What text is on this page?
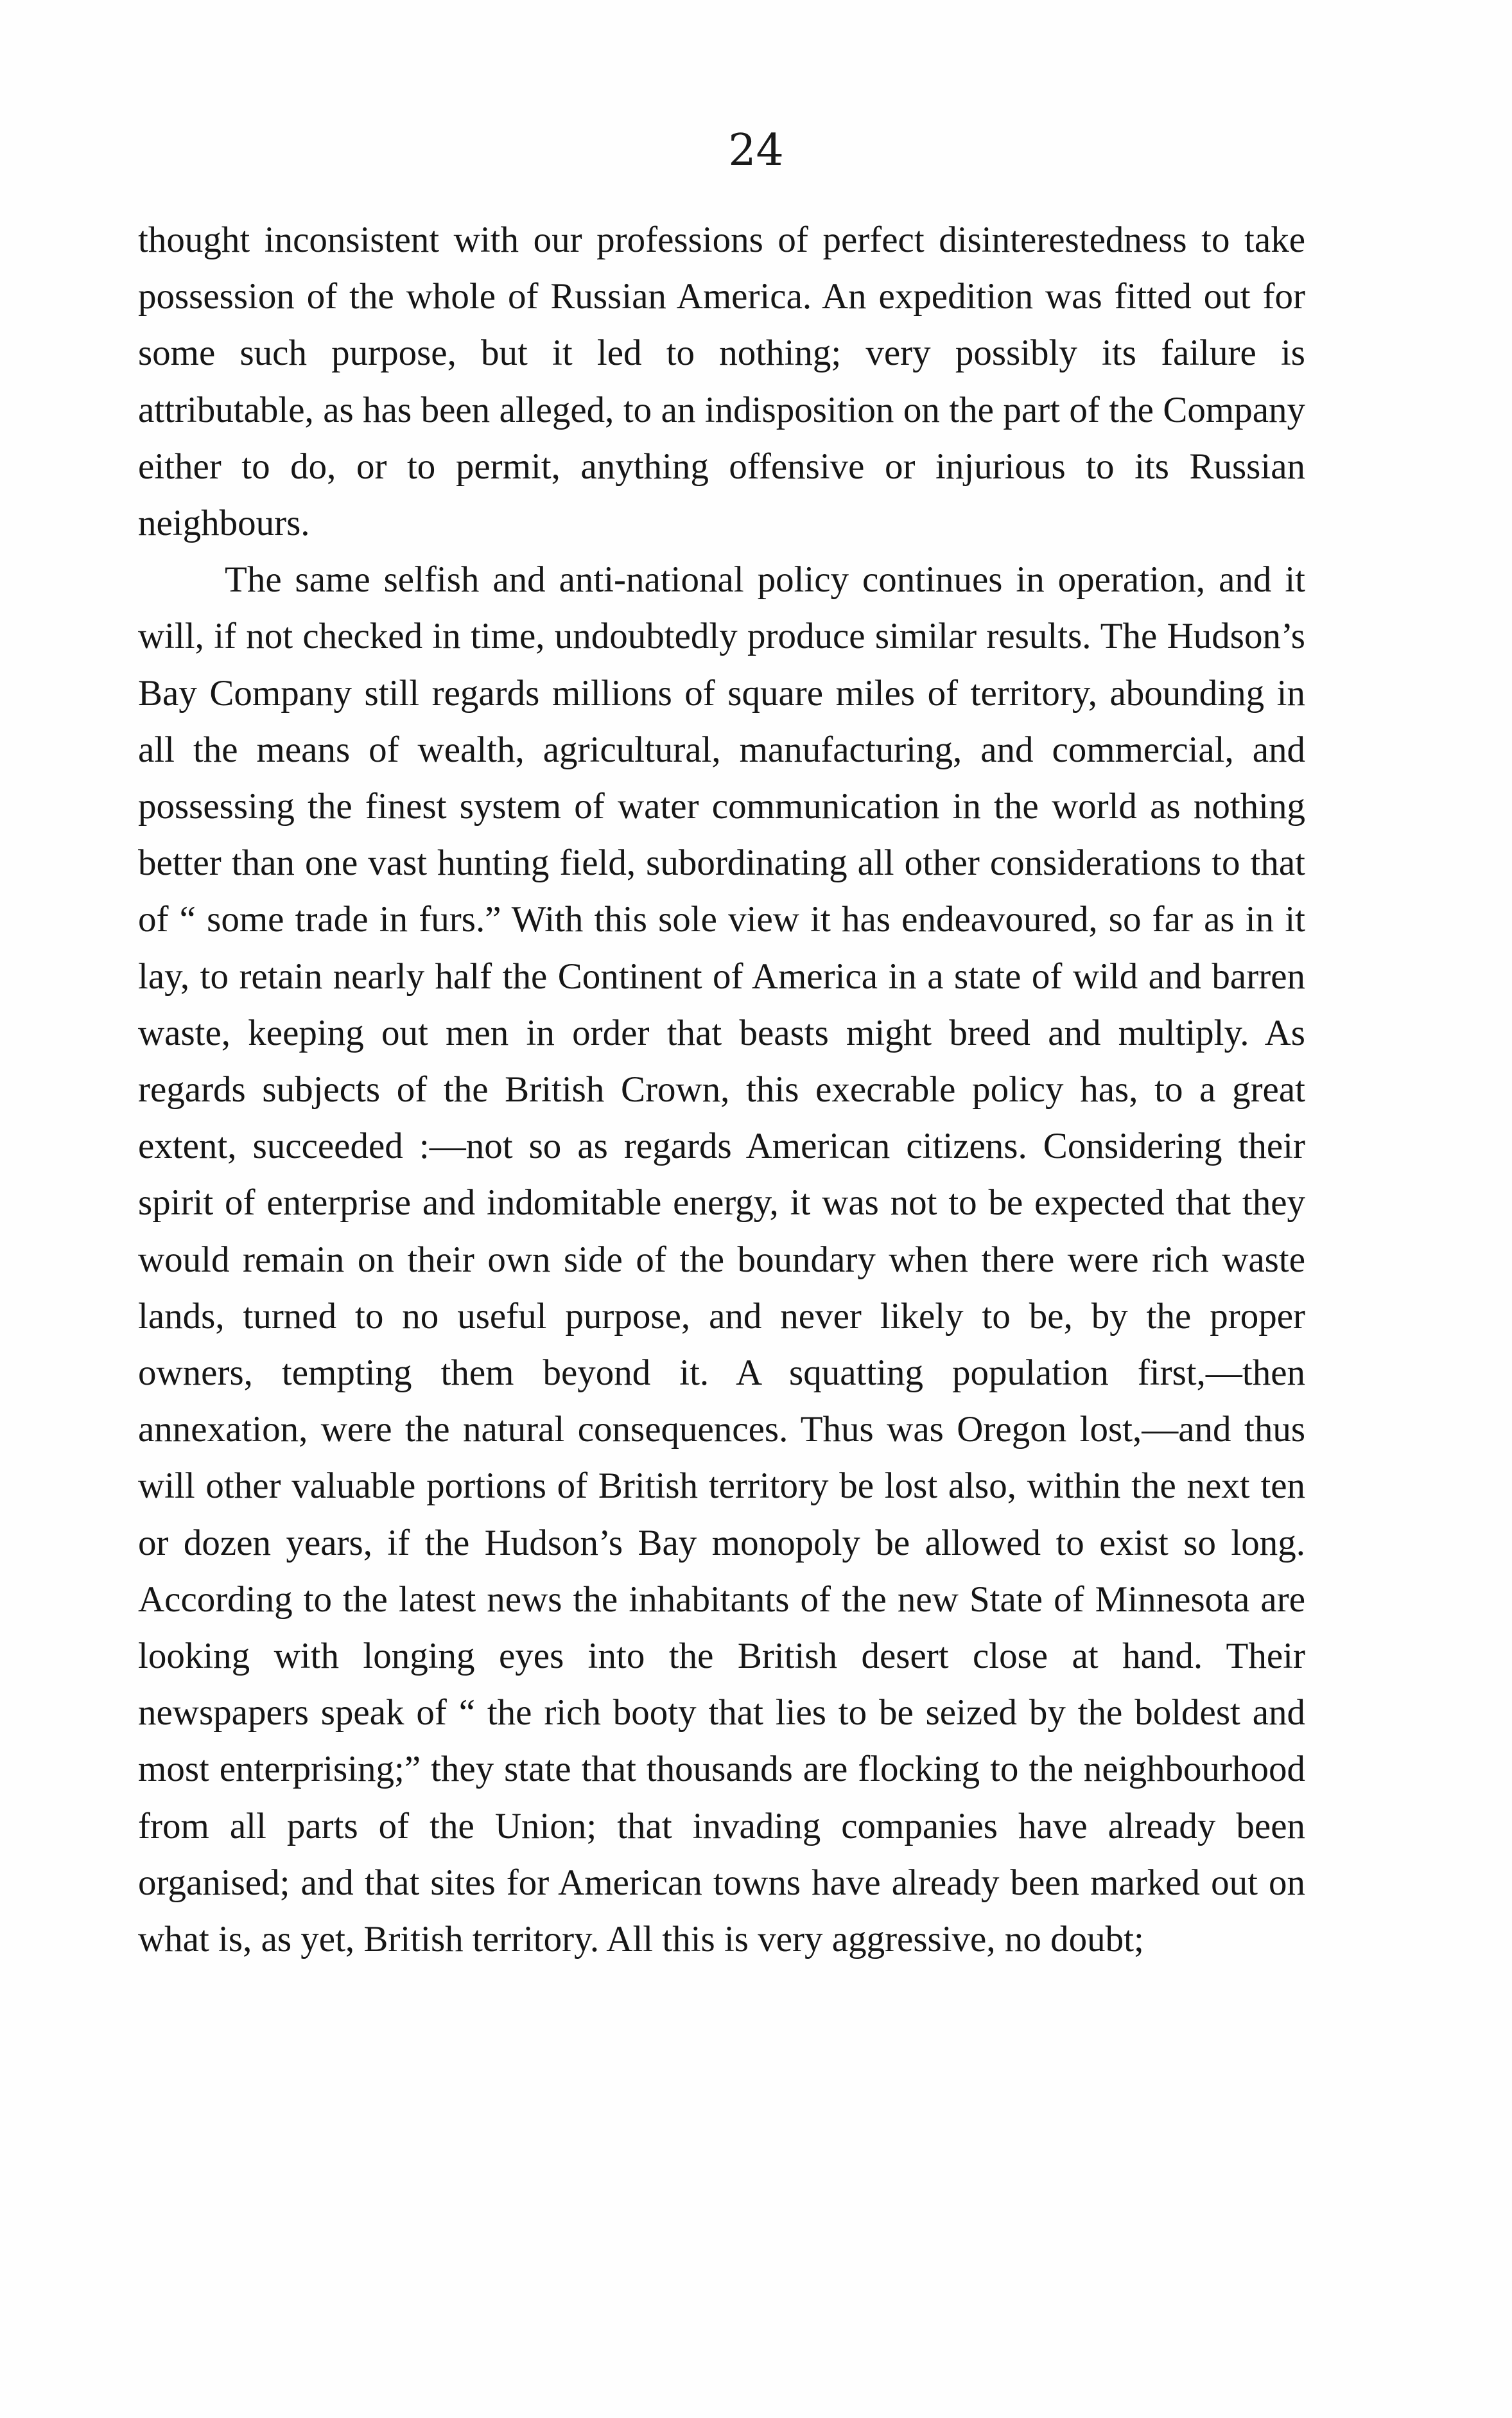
24

thought inconsistent with our professions of perfect disinterestedness to take possession of the whole of Russian America. An expedition was fitted out for some such purpose, but it led to nothing; very possibly its failure is attributable, as has been alleged, to an indisposition on the part of the Company either to do, or to permit, anything offensive or injurious to its Russian neighbours.

The same selfish and anti-national policy continues in operation, and it will, if not checked in time, undoubtedly produce similar results. The Hudson’s Bay Company still regards millions of square miles of territory, abounding in all the means of wealth, agricultural, manufacturing, and commercial, and possessing the finest system of water communication in the world as nothing better than one vast hunting field, subordinating all other considerations to that of “ some trade in furs.” With this sole view it has endeavoured, so far as in it lay, to retain nearly half the Continent of America in a state of wild and barren waste, keeping out men in order that beasts might breed and multiply. As regards subjects of the British Crown, this execrable policy has, to a great extent, succeeded :—not so as regards American citizens. Considering their spirit of enterprise and indomitable energy, it was not to be expected that they would remain on their own side of the boundary when there were rich waste lands, turned to no useful purpose, and never likely to be, by the proper owners, tempting them beyond it. A squatting population first,—then annexation, were the natural consequences. Thus was Oregon lost,—and thus will other valuable portions of British territory be lost also, within the next ten or dozen years, if the Hudson’s Bay monopoly be allowed to exist so long. According to the latest news the inhabitants of the new State of Minnesota are looking with longing eyes into the British desert close at hand. Their newspapers speak of “ the rich booty that lies to be seized by the boldest and most enterprising;” they state that thousands are flocking to the neighbourhood from all parts of the Union; that invading companies have already been organised; and that sites for American towns have already been marked out on what is, as yet, British territory. All this is very aggressive, no doubt;
